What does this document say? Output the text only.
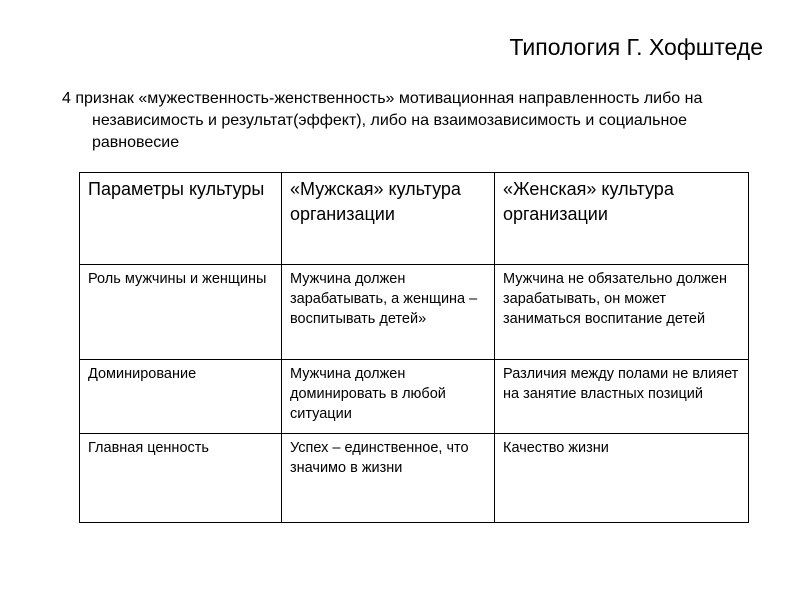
Типология Г. Хофштеде
4 признак «мужественность-женственность» мотивационная направленность либо на независимость и результат(эффект), либо на взаимозависимость и социальное равновесие
Параметры культуры	«Мужская» культура организации	«Женская» культура организации
Роль мужчины и женщины	Мужчина должен зарабатывать, а женщина – воспитывать детей»	Мужчина не обязательно должен зарабатывать, он может заниматься воспитание детей
Доминирование	Мужчина должен доминировать в любой ситуации	Различия между полами не влияет на занятие властных позиций
Главная ценность	Успех – единственное, что значимо в жизни	Качество жизни
